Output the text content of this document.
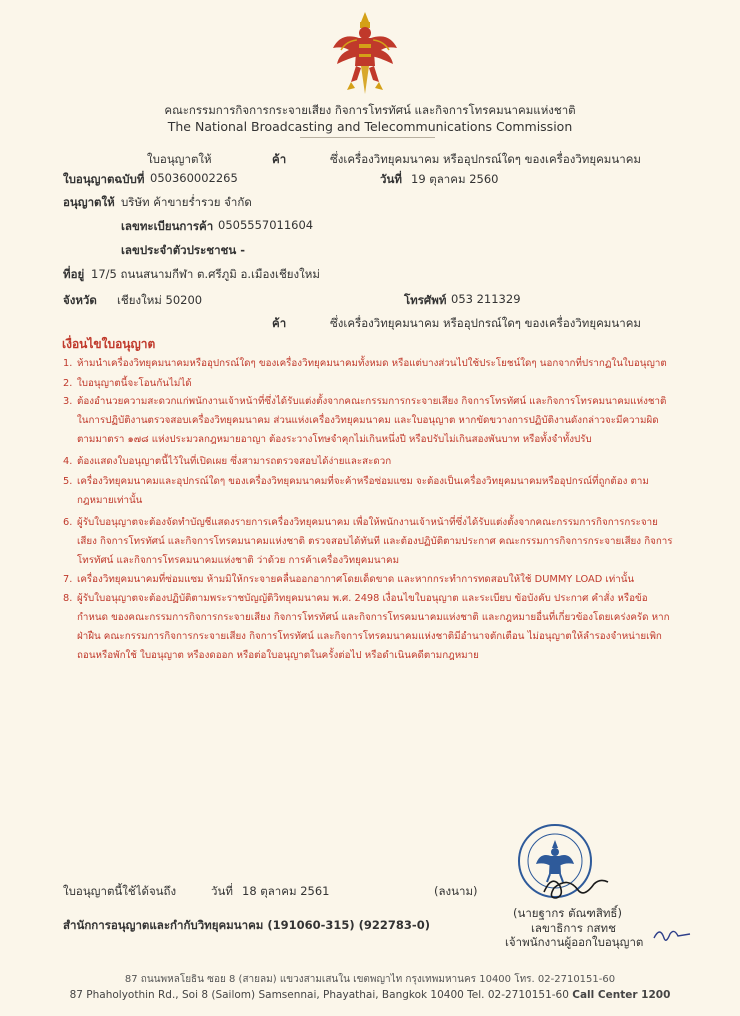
คณะกรรมการกิจการกระจายเสียง กิจการโทรทัศน์ และกิจการโทรคมนาคมแห่งชาติ
The National Broadcasting and Telecommunications Commission
ใบอนุญาตให้	ค้า	ซึ่งเครื่องวิทยุคมนาคม หรืออุปกรณ์ใดๆ ของเครื่องวิทยุคมนาคม
ใบอนุญาตฉบับที่ 050360002265	วันที่ 19 ตุลาคม 2560
อนุญาตให้ บริษัท ค้าขายร่ำรวย จำกัด
เลขทะเบียนการค้า 0505557011604
เลขประจำตัวประชาชน -
ที่อยู่ 17/5 ถนนสนามกีฬา ต.ศรีภูมิ อ.เมืองเชียงใหม่
จังหวัด เชียงใหม่ 50200	โทรศัพท์ 053 211329
ค้า	ซึ่งเครื่องวิทยุคมนาคม หรืออุปกรณ์ใดๆ ของเครื่องวิทยุคมนาคม
เงื่อนไขใบอนุญาต
1. ห้ามนำเครื่องวิทยุคมนาคมหรืออุปกรณ์ใดๆ ของเครื่องวิทยุคมนาคมทั้งหมด หรือแต่บางส่วนไปใช้ประโยชน์ใดๆ นอกจากที่ปรากฏในใบอนุญาต
2. ใบอนุญาตนี้จะโอนกันไม่ได้
3. ต้องอำนวยความสะดวกแก่พนักงานเจ้าหน้าที่ซึ่งได้รับแต่งตั้งจากคณะกรรมการกระจายเสียง กิจการโทรทัศน์ และกิจการโทรคมนาคมแห่งชาติ ในการปฏิบัติงานตรวจสอบเครื่องวิทยุคมนาคม ส่วนแห่งเครื่องวิทยุคมนาคม และใบอนุญาต หากขัดขวางการปฏิบัติงานดังกล่าวจะมีความผิด ตามมาตรา ๑๗๘ แห่งประมวลกฎหมายอาญา ต้องระวางโทษจำคุกไม่เกินหนึ่งปี หรือปรับไม่เกินสองพันบาท หรือทั้งจำทั้งปรับ
4. ต้องแสดงใบอนุญาตนี้ไว้ในที่เปิดเผย ซึ่งสามารถตรวจสอบได้ง่ายและสะดวก
5. เครื่องวิทยุคมนาคมและอุปกรณ์ใดๆ ของเครื่องวิทยุคมนาคมที่จะค้าหรือซ่อมแซม จะต้องเป็นเครื่องวิทยุคมนาคมหรืออุปกรณ์ที่ถูกต้อง ตามกฎหมายเท่านั้น
6. ผู้รับใบอนุญาตจะต้องจัดทำบัญชีแสดงรายการเครื่องวิทยุคมนาคม เพื่อให้พนักงานเจ้าหน้าที่ซึ่งได้รับแต่งตั้งจากคณะกรรมการกิจการกระจายเสียง กิจการโทรทัศน์ และกิจการโทรคมนาคมแห่งชาติ ตรวจสอบได้ทันที และต้องปฏิบัติตามประกาศ คณะกรรมการกิจการกระจายเสียง กิจการโทรทัศน์ และกิจการโทรคมนาคมแห่งชาติ ว่าด้วย การค้าเครื่องวิทยุคมนาคม
7. เครื่องวิทยุคมนาคมที่ซ่อมแซม ห้ามมิให้กระจายคลื่นออกอากาศโดยเด็ดขาด และหากกระทำการทดสอบให้ใช้ DUMMY LOAD เท่านั้น
8. ผู้รับใบอนุญาตจะต้องปฏิบัติตามพระราชบัญญัติวิทยุคมนาคม พ.ศ. 2498 เงื่อนไขใบอนุญาต และระเบียบ ข้อบังคับ ประกาศ คำสั่ง หรือข้อกำหนด ของคณะกรรมการกิจการกระจายเสียง กิจการโทรทัศน์ และกิจการโทรคมนาคมแห่งชาติ และกฎหมายอื่นที่เกี่ยวข้องโดยเคร่งครัด หากฝ่าฝืน คณะกรรมการกิจการกระจายเสียง กิจการโทรทัศน์ และกิจการโทรคมนาคมแห่งชาติมีอำนาจตักเตือน ไม่อนุญาตให้ลำรองจำหน่ายเพิกถอนหรือพักใช้ ใบอนุญาต หรืองดออก หรือต่อใบอนุญาตในครั้งต่อไป หรือดำเนินคดีตามกฎหมาย
ใบอนุญาตนี้ใช้ได้จนถึง	วันที่ 18 ตุลาคม 2561	(ลงนาม)
สำนักการอนุญาตและกำกับวิทยุคมนาคม (191060-315) (922783-0)
(นายฐากร ตัณฑสิทธิ์)
เลขาธิการ กสทช
เจ้าพนักงานผู้ออกใบอนุญาต
87 ถนนพหลโยธิน ซอย 8 (สายลม) แขวงสามเสนใน เขตพญาไท กรุงเทพมหานคร 10400 โทร. 02-2710151-60
87 Phaholyothin Rd., Soi 8 (Sailom) Samsennai, Phayathai, Bangkok 10400 Tel. 02-2710151-60 Call Center 1200
